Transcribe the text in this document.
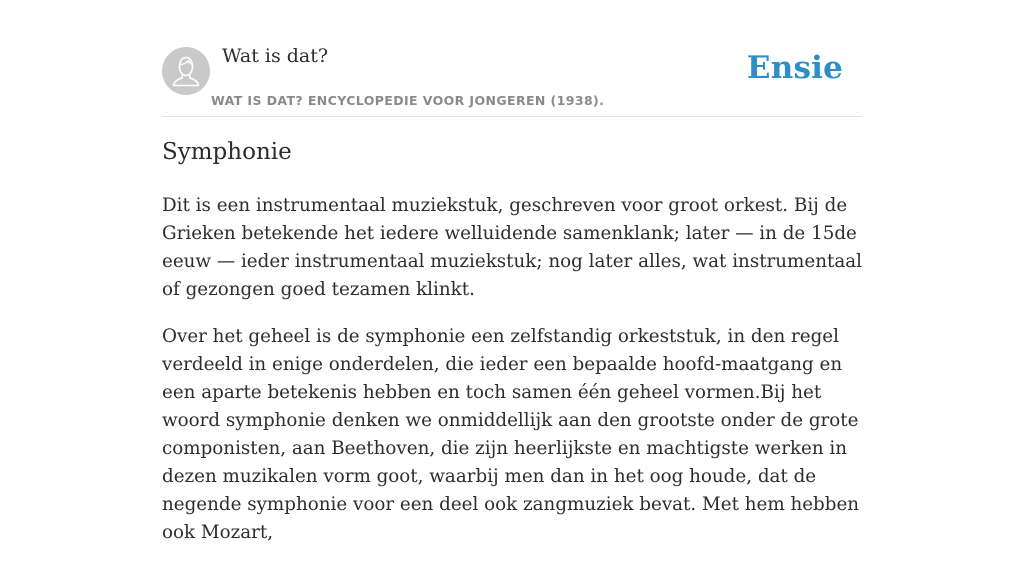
Wat is dat?
WAT IS DAT? ENCYCLOPEDIE VOOR JONGEREN (1938).
Ensie
Symphonie

Dit is een instrumentaal muziekstuk, geschreven voor groot orkest. Bij de Grieken betekende het iedere welluidende samenklank; later — in de 15de eeuw — ieder instrumentaal muziekstuk; nog later alles, wat instrumentaal of gezongen goed tezamen klinkt.

Over het geheel is de symphonie een zelfstandig orkeststuk, in den regel verdeeld in enige onderdelen, die ieder een bepaalde hoofd-maatgang en een aparte betekenis hebben en toch samen één geheel vormen.Bij het woord symphonie denken we onmiddellijk aan den grootste onder de grote componisten, aan Beethoven, die zijn heerlijkste en machtigste werken in dezen muzikalen vorm goot, waarbij men dan in het oog houde, dat de negende symphonie voor een deel ook zangmuziek bevat. Met hem hebben ook Mozart,
